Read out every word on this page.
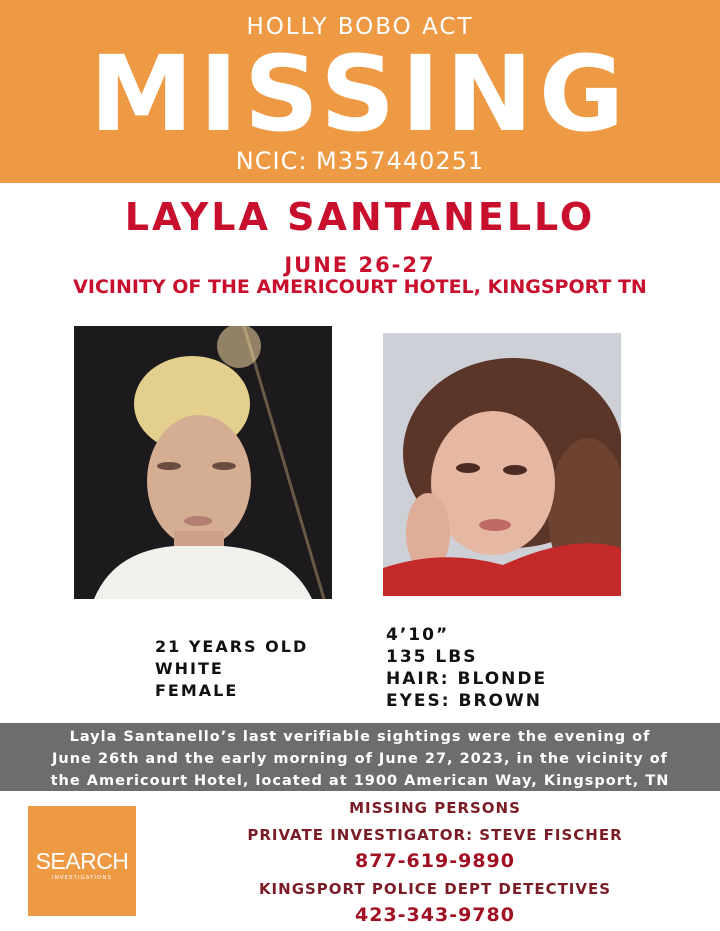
HOLLY BOBO ACT
MISSING
NCIC: M357440251
LAYLA SANTANELLO
JUNE 26-27
VICINITY OF THE AMERICOURT HOTEL, KINGSPORT TN
21 YEARS OLD
WHITE
FEMALE
4’10”
135 LBS
HAIR: BLONDE
EYES: BROWN
Layla Santanello’s last verifiable sightings were the evening of
June 26th and the early morning of June 27, 2023, in the vicinity of
the Americourt Hotel, located at 1900 American Way, Kingsport, TN
SEARCH
INVESTIGATIONS
MISSING PERSONS
PRIVATE INVESTIGATOR: STEVE FISCHER
877-619-9890
KINGSPORT POLICE DEPT DETECTIVES
423-343-9780
